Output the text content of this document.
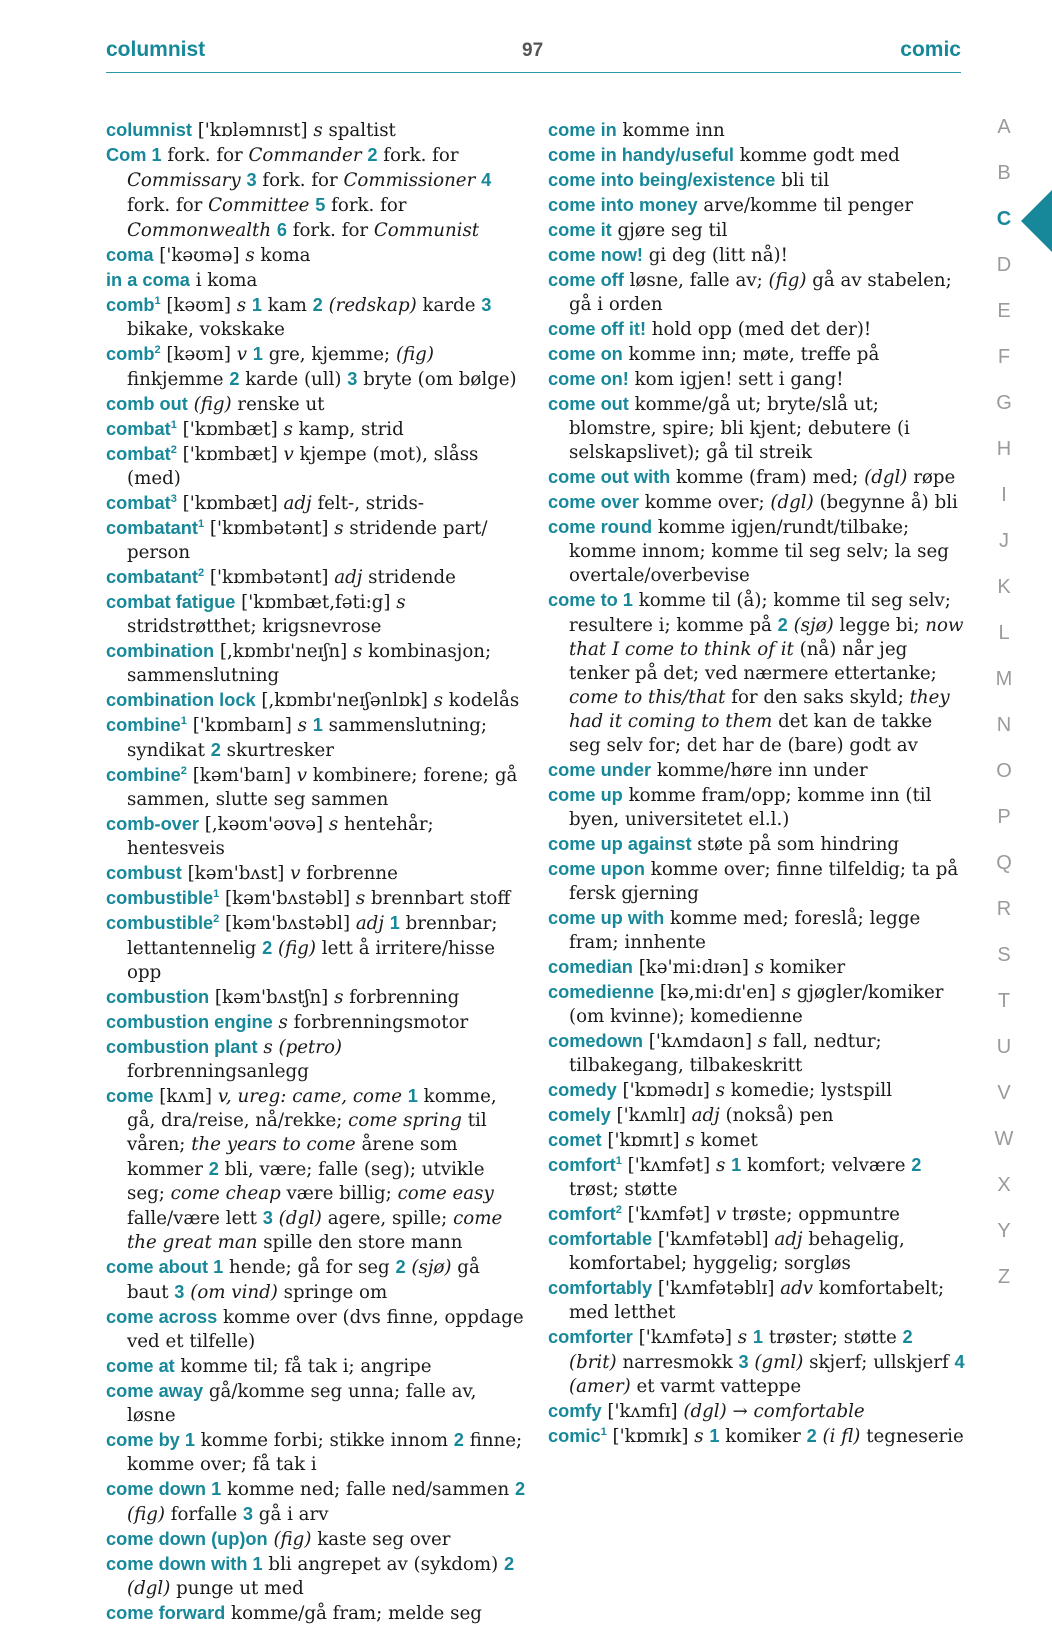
columnist	97	comic

columnist ['kɒləmnɪst] s spaltist

Com 1 fork. for Commander 2 fork. for Commissary 3 fork. for Commissioner 4 fork. for Committee 5 fork. for Commonwealth 6 fork. for Communist

coma ['kəʊmə] s koma

in a coma i koma

comb$^1$ [kəʊm] s 1 kam 2 (redskap) karde 3 bikake, vokskake

comb$^2$ [kəʊm] v 1 gre, kjemme; (fig) finkjemme 2 karde (ull) 3 bryte (om bølge)

comb out (fig) renske ut

combat$^1$ ['kɒmbæt] s kamp, strid

combat$^2$ ['kɒmbæt] v kjempe (mot), slåss (med)

combat$^3$ ['kɒmbæt] adj felt-, strids-

combatant$^1$ ['kɒmbətənt] s stridende part/ person

combatant$^2$ ['kɒmbətənt] adj stridende

combat fatigue ['kɒmbæt,fəti:g] s stridstrøtthet; krigsnevrose

combination [,kɒmbɪ'neɪʃn] s kombinasjon; sammenslutning

combination lock [,kɒmbɪ'neɪʃənlɒk] s kodelås

combine$^1$ ['kɒmbaɪn] s 1 sammenslutning; syndikat 2 skurtresker

combine$^2$ [kəm'baɪn] v kombinere; forene; gå sammen, slutte seg sammen

comb-over [,kəʊm'əʊvə] s hentehår; hentesveis

combust [kəm'bʌst] v forbrenne

combustible$^1$ [kəm'bʌstəbl] s brennbart stoff

combustible$^2$ [kəm'bʌstəbl] adj 1 brennbar; lettantennelig 2 (fig) lett å irritere/hisse opp

combustion [kəm'bʌstʃn] s forbrenning

combustion engine s forbrenningsmotor

combustion plant s (petro) forbrenningsanlegg

come [kʌm] v, ureg: came, come 1 komme, gå, dra/reise, nå/rekke; come spring til våren; the years to come årene som kommer 2 bli, være; falle (seg); utvikle seg; come cheap være billig; come easy falle/være lett 3 (dgl) agere, spille; come the great man spille den store mann

come about 1 hende; gå for seg 2 (sjø) gå baut 3 (om vind) springe om

come across komme over (dvs finne, oppdage ved et tilfelle)

come at komme til; få tak i; angripe

come away gå/komme seg unna; falle av, løsne

come by 1 komme forbi; stikke innom 2 finne; komme over; få tak i

come down 1 komme ned; falle ned/sammen 2 (fig) forfalle 3 gå i arv

come down (up)on (fig) kaste seg over

come down with 1 bli angrepet av (sykdom) 2 (dgl) punge ut med

come forward komme/gå fram; melde seg

come in komme inn

come in handy/useful komme godt med

come into being/existence bli til

come into money arve/komme til penger

come it gjøre seg til

come now! gi deg (litt nå)!

come off løsne, falle av; (fig) gå av stabelen; gå i orden

come off it! hold opp (med det der)!

come on komme inn; møte, treffe på

come on! kom igjen! sett i gang!

come out komme/gå ut; bryte/slå ut; blomstre, spire; bli kjent; debutere (i selskapslivet); gå til streik

come out with komme (fram) med; (dgl) røpe

come over komme over; (dgl) (begynne å) bli

come round komme igjen/rundt/tilbake; komme innom; komme til seg selv; la seg overtale/overbevise

come to 1 komme til (å); komme til seg selv; resultere i; komme på 2 (sjø) legge bi; now that I come to think of it (nå) når jeg tenker på det; ved nærmere ettertanke; come to this/that for den saks skyld; they had it coming to them det kan de takke seg selv for; det har de (bare) godt av

come under komme/høre inn under

come up komme fram/opp; komme inn (til byen, universitetet el.l.)

come up against støte på som hindring

come upon komme over; finne tilfeldig; ta på fersk gjerning

come up with komme med; foreslå; legge fram; innhente

comedian [kə'mi:dɪən] s komiker

comedienne [kə,mi:dɪ'en] s gjøgler/komiker (om kvinne); komedienne

comedown ['kʌmdaʊn] s fall, nedtur; tilbakegang, tilbakeskritt

comedy ['kɒmədɪ] s komedie; lystspill

comely ['kʌmlɪ] adj (nokså) pen

comet ['kɒmɪt] s komet

comfort$^1$ ['kʌmfət] s 1 komfort; velvære 2 trøst; støtte

comfort$^2$ ['kʌmfət] v trøste; oppmuntre

comfortable ['kʌmfətəbl] adj behagelig, komfortabel; hyggelig; sorgløs

comfortably ['kʌmfətəblɪ] adv komfortabelt; med letthet

comforter ['kʌmfətə] s 1 trøster; støtte 2 (brit) narresmokk 3 (gml) skjerf; ullskjerf 4 (amer) et varmt vatteppe

comfy ['kʌmfɪ] (dgl) → comfortable

comic$^1$ ['kɒmɪk] s 1 komiker 2 (i fl) tegneserie

A
B
C
D
E
F
G
H
I
J
K
L
M
N
O
P
Q
R
S
T
U
V
W
X
Y
Z
